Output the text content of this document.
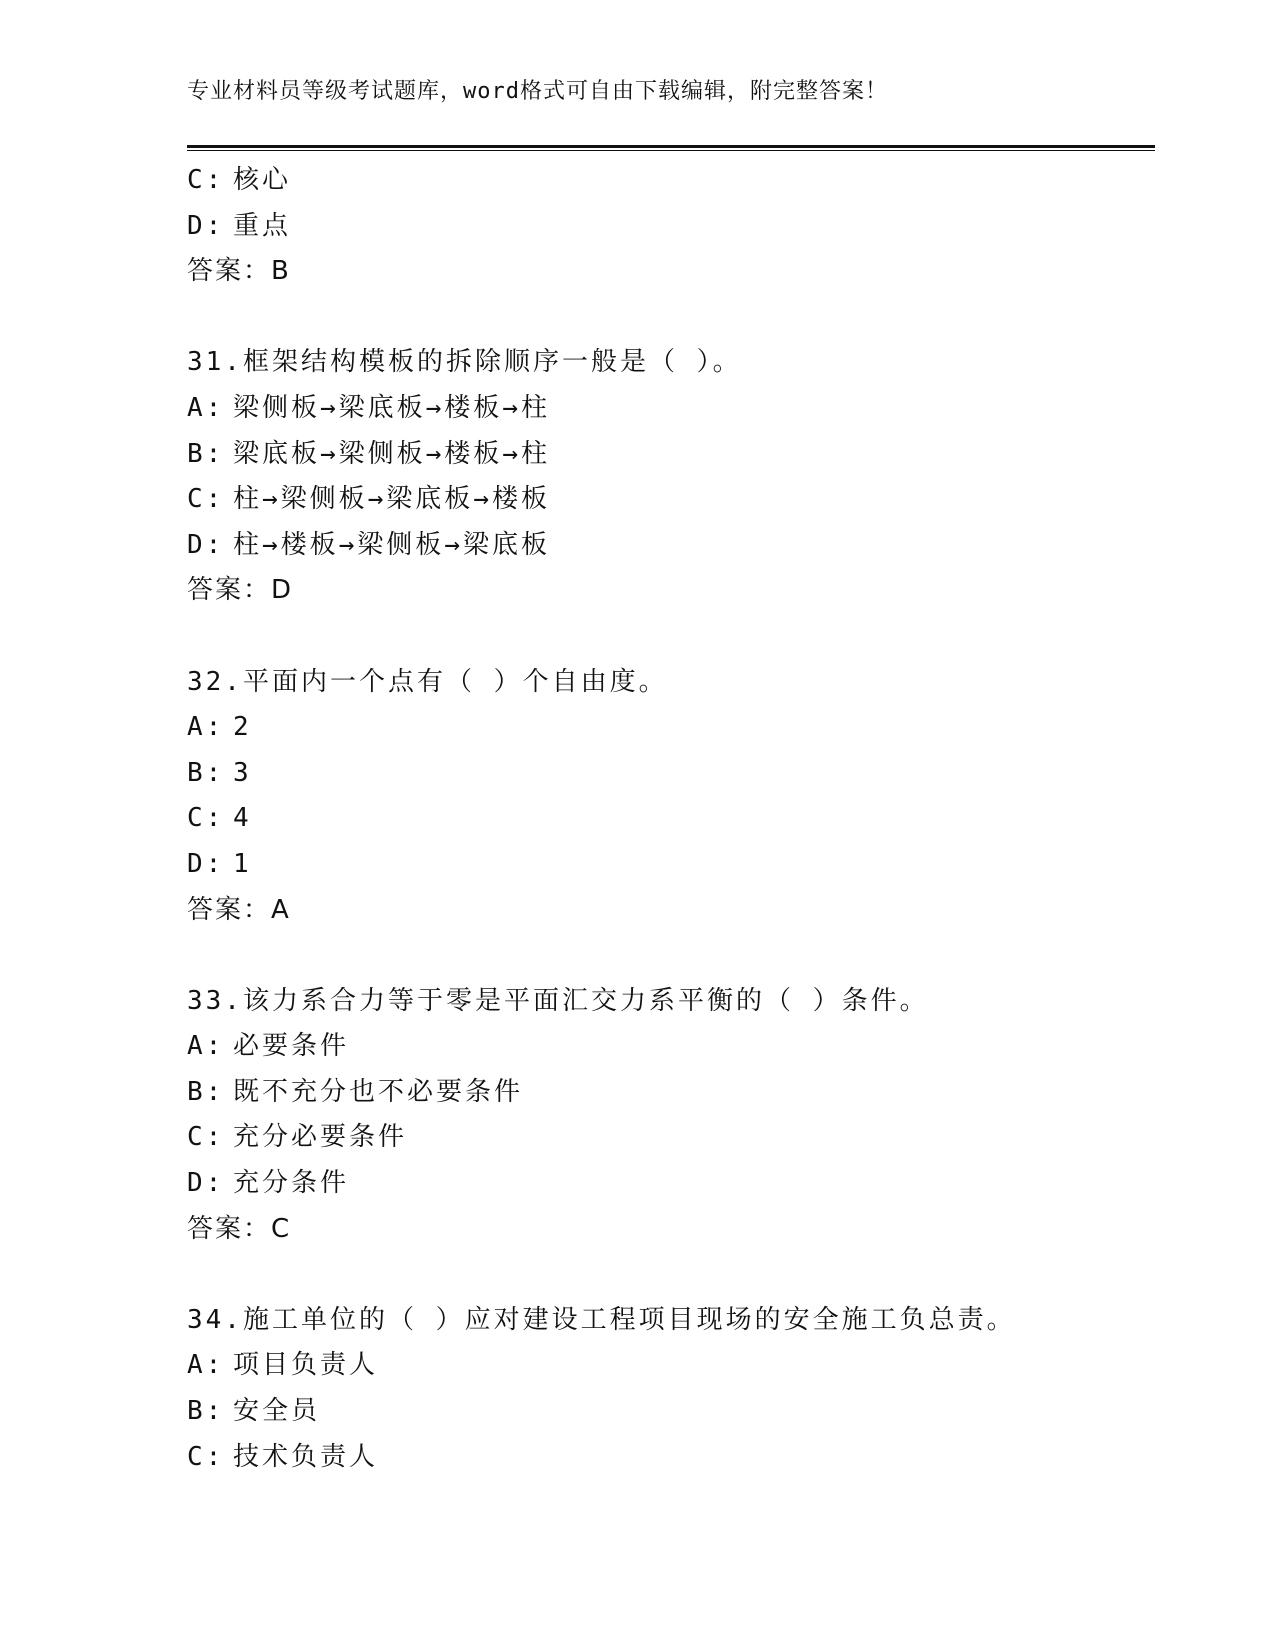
专业材料员等级考试题库，word格式可自由下载编辑，附完整答案！
C: 核心
D: 重点
答案：B
31.框架结构模板的拆除顺序一般是（ ）。
A: 梁侧板→梁底板→楼板→柱
B: 梁底板→梁侧板→楼板→柱
C: 柱→梁侧板→梁底板→楼板
D: 柱→楼板→梁侧板→梁底板
答案：D
32.平面内一个点有（ ）个自由度。
A: 2
B: 3
C: 4
D: 1
答案：A
33.该力系合力等于零是平面汇交力系平衡的（ ）条件。
A: 必要条件
B: 既不充分也不必要条件
C: 充分必要条件
D: 充分条件
答案：C
34.施工单位的（ ）应对建设工程项目现场的安全施工负总责。
A: 项目负责人
B: 安全员
C: 技术负责人
